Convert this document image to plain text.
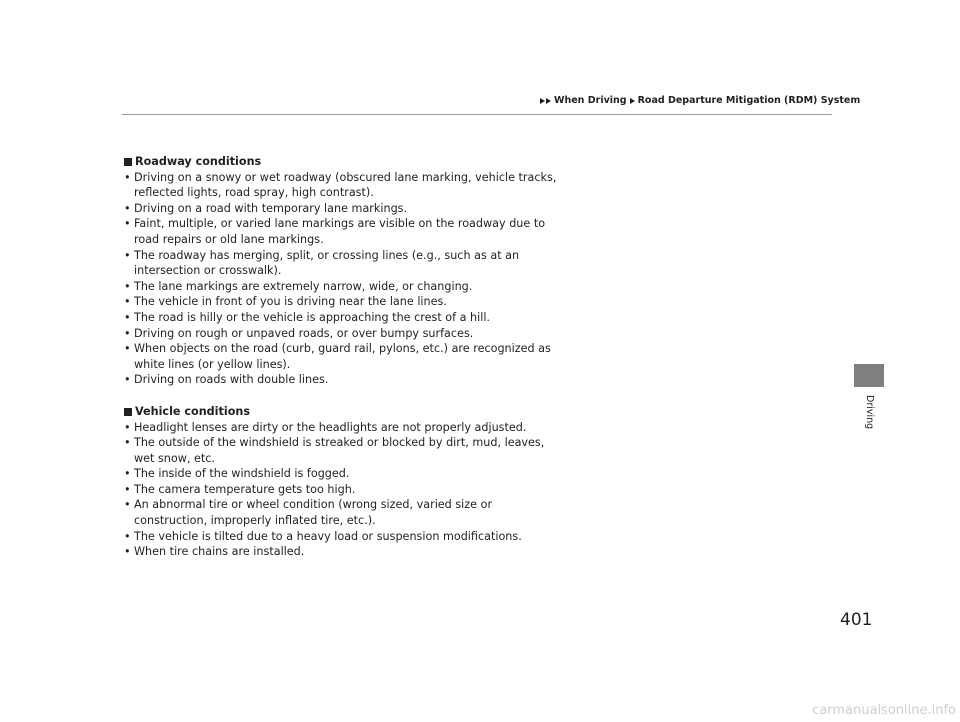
When Driving Road Departure Mitigation (RDM) System
Roadway conditions
• Driving on a snowy or wet roadway (obscured lane marking, vehicle tracks, reflected lights, road spray, high contrast).
• Driving on a road with temporary lane markings.
• Faint, multiple, or varied lane markings are visible on the roadway due to road repairs or old lane markings.
• The roadway has merging, split, or crossing lines (e.g., such as at an intersection or crosswalk).
• The lane markings are extremely narrow, wide, or changing.
• The vehicle in front of you is driving near the lane lines.
• The road is hilly or the vehicle is approaching the crest of a hill.
• Driving on rough or unpaved roads, or over bumpy surfaces.
• When objects on the road (curb, guard rail, pylons, etc.) are recognized as white lines (or yellow lines).
• Driving on roads with double lines.
Vehicle conditions
• Headlight lenses are dirty or the headlights are not properly adjusted.
• The outside of the windshield is streaked or blocked by dirt, mud, leaves, wet snow, etc.
• The inside of the windshield is fogged.
• The camera temperature gets too high.
• An abnormal tire or wheel condition (wrong sized, varied size or construction, improperly inflated tire, etc.).
• The vehicle is tilted due to a heavy load or suspension modifications.
• When tire chains are installed.
Driving
401
carmanualsonline.info
